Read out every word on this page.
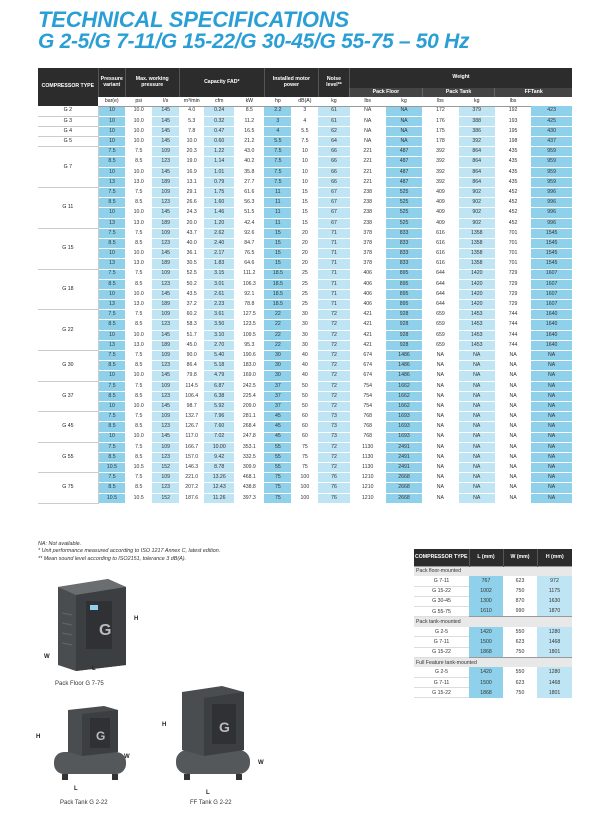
TECHNICAL SPECIFICATIONS
G 2-5/G 7-11/G 15-22/G 30-45/G 55-75 – 50 Hz
COMPRESSOR TYPE	Pressure variant	Max. working pressure		Capacity FAD*			Installed motor power		Noise level**	Weight					
										Pack Floor		Pack Tank		FFTank	
	bar(e)	psi	l/s	m³/min	cfm	kW	hp	dB(A)	kg	lbs	kg	lbs	kg	lbs	
G 2	10	10.0	145	4.0	0.24	8.5	2.2	3	61	NA	NA	172	379	192	423
G 3	10	10.0	145	5.3	0.32	11.2	3	4	61	NA	NA	176	388	193	425
G 4	10	10.0	145	7.8	0.47	16.5	4	5.5	62	NA	NA	175	386	195	430
G 5	10	10.0	145	10.0	0.60	21.2	5.5	7.5	64	NA	NA	178	392	198	437
G 7	7.5	7.5	109	20.3	1.22	43.0	7.5	10	66	221	487	392	864	435	959
	8.5	8.5	123	19.0	1.14	40.2	7.5	10	66	221	487	392	864	435	959
	10	10.0	145	16.9	1.01	35.8	7.5	10	66	221	487	392	864	435	959
	13	13.0	189	13.1	0.79	27.7	7.5	10	66	221	487	392	864	435	959
G 11	7.5	7.5	109	29.1	1.75	61.6	11	15	67	238	525	409	902	452	996
	8.5	8.5	123	26.6	1.60	56.3	11	15	67	238	525	409	902	452	996
	10	10.0	145	24.3	1.46	51.5	11	15	67	238	525	409	902	452	996
	13	13.0	189	20.0	1.20	42.4	11	15	67	238	525	409	902	452	996
G 15	7.5	7.5	109	43.7	2.62	92.6	15	20	71	378	833	616	1358	701	1545
	8.5	8.5	123	40.0	2.40	84.7	15	20	71	378	833	616	1358	701	1545
	10	10.0	145	36.1	2.17	76.5	15	20	71	378	833	616	1358	701	1545
	13	13.0	189	30.5	1.83	64.6	15	20	71	378	833	616	1358	701	1545
G 18	7.5	7.5	109	52.5	3.15	111.2	18.5	25	71	406	895	644	1420	729	1607
	8.5	8.5	123	50.2	3.01	106.3	18.5	25	71	406	895	644	1420	729	1607
	10	10.0	145	43.5	2.61	92.1	18.5	25	71	406	895	644	1420	729	1607
	13	13.0	189	37.2	2.23	78.8	18.5	25	71	406	895	644	1420	729	1607
G 22	7.5	7.5	109	60.2	3.61	127.5	22	30	72	421	928	659	1453	744	1640
	8.5	8.5	123	58.3	3.50	123.5	22	30	72	421	928	659	1453	744	1640
	10	10.0	145	51.7	3.10	109.5	22	30	72	421	928	659	1453	744	1640
	13	13.0	189	45.0	2.70	95.3	22	30	72	421	928	659	1453	744	1640
G 30	7.5	7.5	109	90.0	5.40	190.6	30	40	72	674	1486	NA	NA	NA	NA
	8.5	8.5	123	86.4	5.18	183.0	30	40	72	674	1486	NA	NA	NA	NA
	10	10.0	145	79.8	4.79	169.0	30	40	72	674	1486	NA	NA	NA	NA
G 37	7.5	7.5	109	114.5	6.87	242.5	37	50	72	754	1662	NA	NA	NA	NA
	8.5	8.5	123	106.4	6.38	225.4	37	50	72	754	1662	NA	NA	NA	NA
	10	10.0	145	98.7	5.92	209.0	37	50	72	754	1662	NA	NA	NA	NA
G 45	7.5	7.5	109	132.7	7.96	281.1	45	60	73	768	1693	NA	NA	NA	NA
	8.5	8.5	123	126.7	7.60	268.4	45	60	73	768	1693	NA	NA	NA	NA
	10	10.0	145	117.0	7.02	247.8	45	60	73	768	1693	NA	NA	NA	NA
G 55	7.5	7.5	109	166.7	10.00	353.1	55	75	72	1130	2491	NA	NA	NA	NA
	8.5	8.5	123	157.0	9.42	332.5	55	75	72	1130	2491	NA	NA	NA	NA
	10.5	10.5	152	146.3	8.78	309.9	55	75	72	1130	2491	NA	NA	NA	NA
G 75	7.5	7.5	109	221.0	13.26	468.1	75	100	76	1210	2668	NA	NA	NA	NA
	8.5	8.5	123	207.2	12.43	438.8	75	100	76	1210	2668	NA	NA	NA	NA
	10.5	10.5	152	187.6	11.26	397.3	75	100	76	1210	2668	NA	NA	NA	NA
NA: Not available.
* Unit performance measured according to ISO 1217 Annex C, latest edition.
** Mean sound level according to ISO2151, tolerance 3 dB(A).	COMPRESSOR TYPE	L (mm)	W (mm)	H (mm)
Pack floor-mounted			
G 7-11	767	623	972
G 15-22	1002	750	1175
G 30-45	1300	870	1630
G 55-75	1610	990	1870
Pack tank-mounted			
G 2-5	1420	550	1280
G 7-11	1500	623	1468
G 15-22	1868	750	1801
Full Feature tank-mounted			
G 2-5	1420	550	1280
G 7-11	1500	623	1468
G 15-22	1868	750	1801
G
H
W
L
Pack Floor G 7-75
G
H
W
L
Pack Tank G 2-22
G
H
W
L
FF Tank G 2-22
